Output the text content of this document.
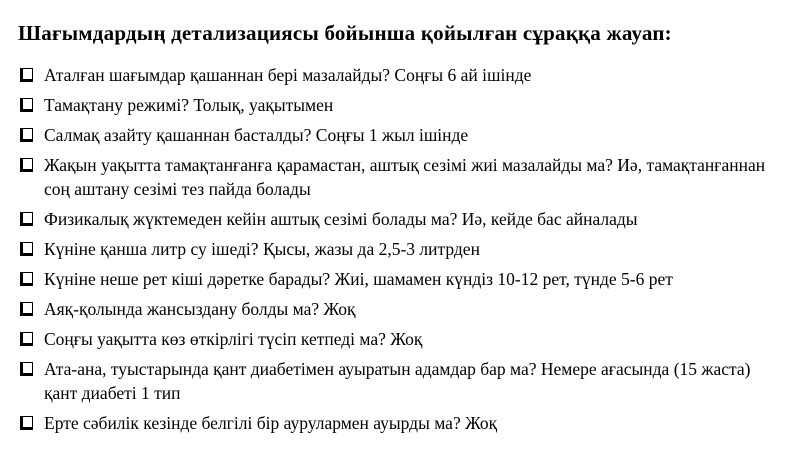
Шағымдардың детализациясы бойынша қойылған сұраққа жауап:
Аталған шағымдар қашаннан бері мазалайды? Соңғы 6 ай ішінде
Тамақтану режимі? Толық, уақытымен
Салмақ азайту қашаннан басталды? Соңғы 1 жыл ішінде
Жақын уақытта тамақтанғанға қарамастан, аштық сезімі жиі мазалайды ма? Иә, тамақтанғаннан соң аштану сезімі тез пайда болады
Физикалық жүктемеден кейін аштық сезімі болады ма? Иә, кейде бас айналады
Күніне қанша литр су ішеді? Қысы, жазы да 2,5-3 литрден
Күніне неше рет кіші дәретке барады? Жиі, шамамен күндіз 10-12 рет, түнде 5-6 рет
Аяқ-қолында жансыздану болды ма? Жоқ
Соңғы уақытта көз өткірлігі түсіп кетпеді ма? Жоқ
Ата-ана, туыстарында қант диабетімен ауыратын адамдар бар ма? Немере ағасында (15 жаста) қант диабеті 1 тип
Ерте сәбилік кезінде белгілі бір аурулармен ауырды ма? Жоқ
